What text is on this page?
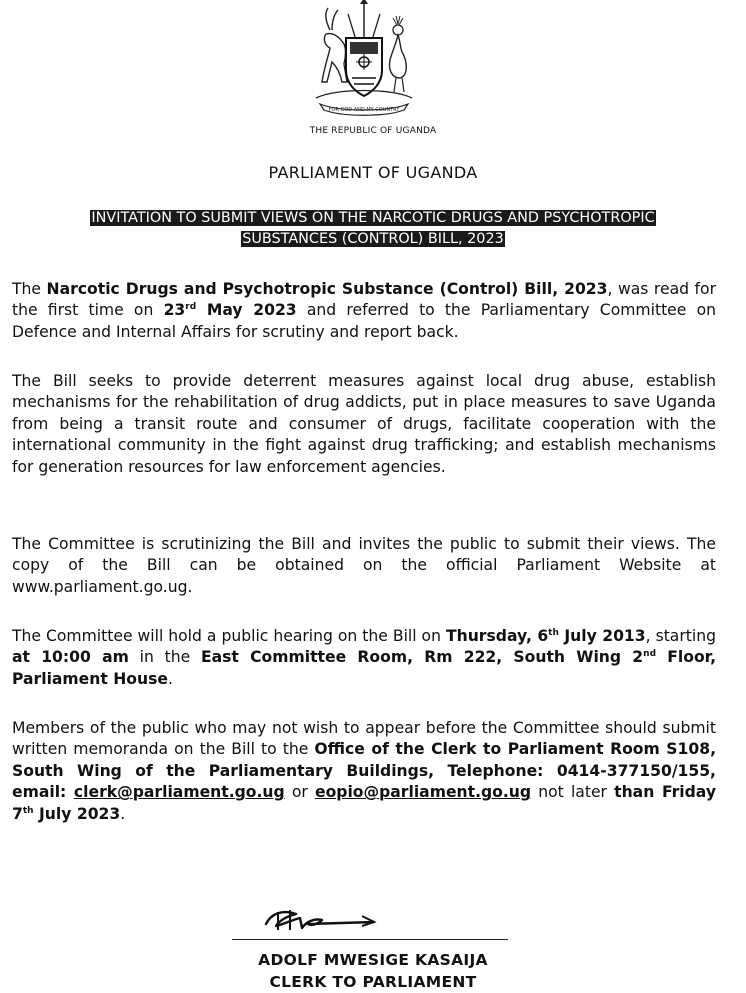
FOR GOD AND MY COUNTRY
THE REPUBLIC OF UGANDA
PARLIAMENT OF UGANDA
INVITATION TO SUBMIT VIEWS ON THE NARCOTIC DRUGS AND PSYCHOTROPIC
SUBSTANCES (CONTROL) BILL, 2023
The Narcotic Drugs and Psychotropic Substance (Control) Bill, 2023, was read for the first time on 23rd May 2023 and referred to the Parliamentary Committee on Defence and Internal Affairs for scrutiny and report back.
The Bill seeks to provide deterrent measures against local drug abuse, establish mechanisms for the rehabilitation of drug addicts, put in place measures to save Uganda from being a transit route and consumer of drugs, facilitate cooperation with the international community in the fight against drug trafficking; and establish mechanisms for generation resources for law enforcement agencies.
The Committee is scrutinizing the Bill and invites the public to submit their views. The copy of the Bill can be obtained on the official Parliament Website at www.parliament.go.ug.
The Committee will hold a public hearing on the Bill on Thursday, 6th July 2013, starting at 10:00 am in the East Committee Room, Rm 222, South Wing 2nd Floor, Parliament House.
Members of the public who may not wish to appear before the Committee should submit written memoranda on the Bill to the Office of the Clerk to Parliament Room S108, South Wing of the Parliamentary Buildings, Telephone: 0414-377150/155, email: clerk@parliament.go.ug or eopio@parliament.go.ug not later than Friday 7th July 2023.
ADOLF MWESIGE KASAIJA
CLERK TO PARLIAMENT
